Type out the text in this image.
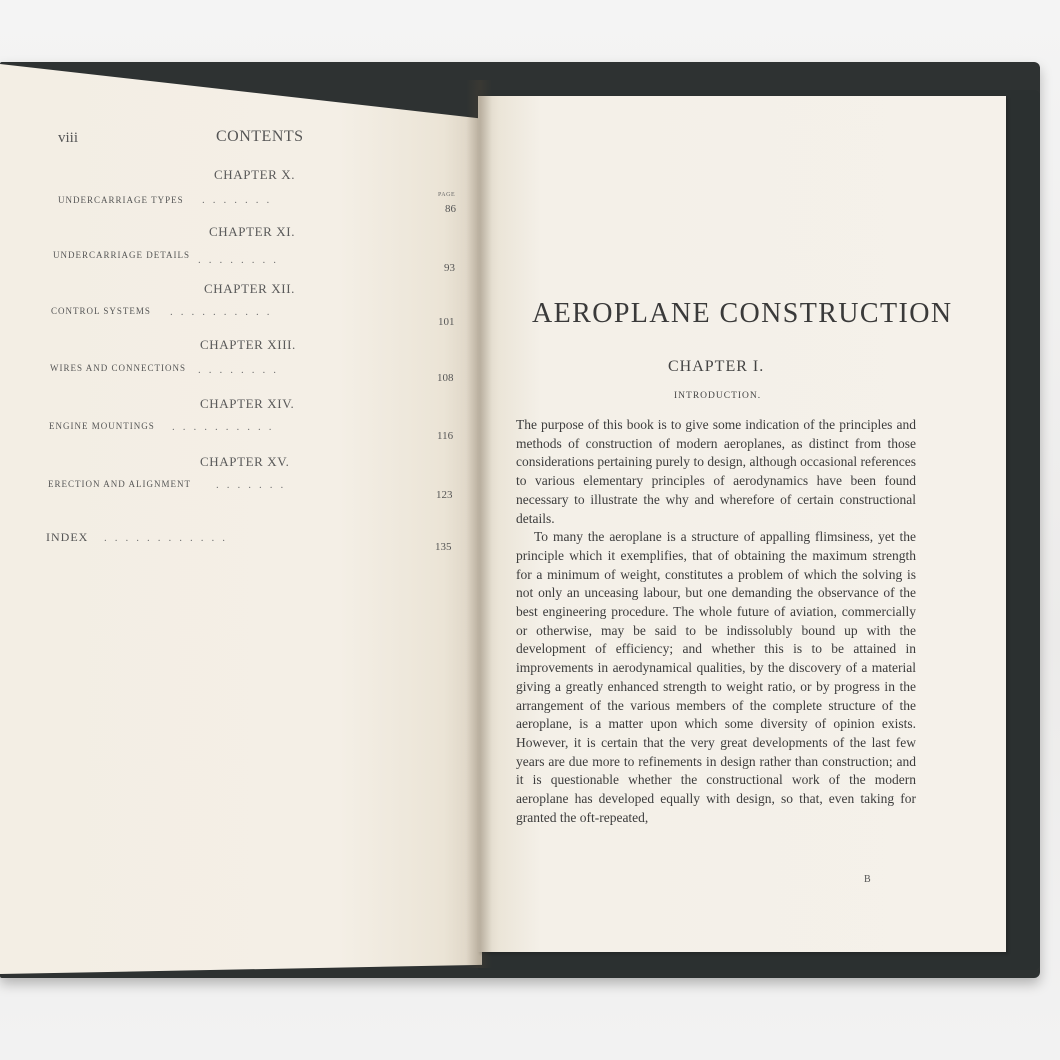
viii	CONTENTS
CHAPTER X.
PAGE
UNDERCARRIAGE TYPES .......
86
CHAPTER XI.
UNDERCARRIAGE DETAILS ........
93
CHAPTER XII.
CONTROL SYSTEMS ..........
101
CHAPTER XIII.
WIRES AND CONNECTIONS ........
108
CHAPTER XIV.
ENGINE MOUNTINGS ..........
116
CHAPTER XV.
ERECTION AND ALIGNMENT .......
123
INDEX ............
135
AEROPLANE CONSTRUCTION
CHAPTER I.
INTRODUCTION.

The purpose of this book is to give some indication of the principles and methods of construction of modern aeroplanes, as distinct from those considerations pertaining purely to design, although occasional references to various elementary principles of aerodynamics have been found necessary to illustrate the why and wherefore of certain constructional details.

To many the aeroplane is a structure of appalling flimsiness, yet the principle which it exemplifies, that of obtaining the maximum strength for a minimum of weight, constitutes a problem of which the solving is not only an unceasing labour, but one demanding the observance of the best engineering procedure. The whole future of aviation, commercially or otherwise, may be said to be indissolubly bound up with the development of efficiency; and whether this is to be attained in improvements in aerodynamical qualities, by the discovery of a material giving a greatly enhanced strength to weight ratio, or by progress in the arrangement of the various members of the complete structure of the aeroplane, is a matter upon which some diversity of opinion exists. However, it is certain that the very great developments of the last few years are due more to refinements in design rather than construction; and it is questionable whether the constructional work of the modern aeroplane has developed equally with design, so that, even taking for granted the oft-repeated,

B
